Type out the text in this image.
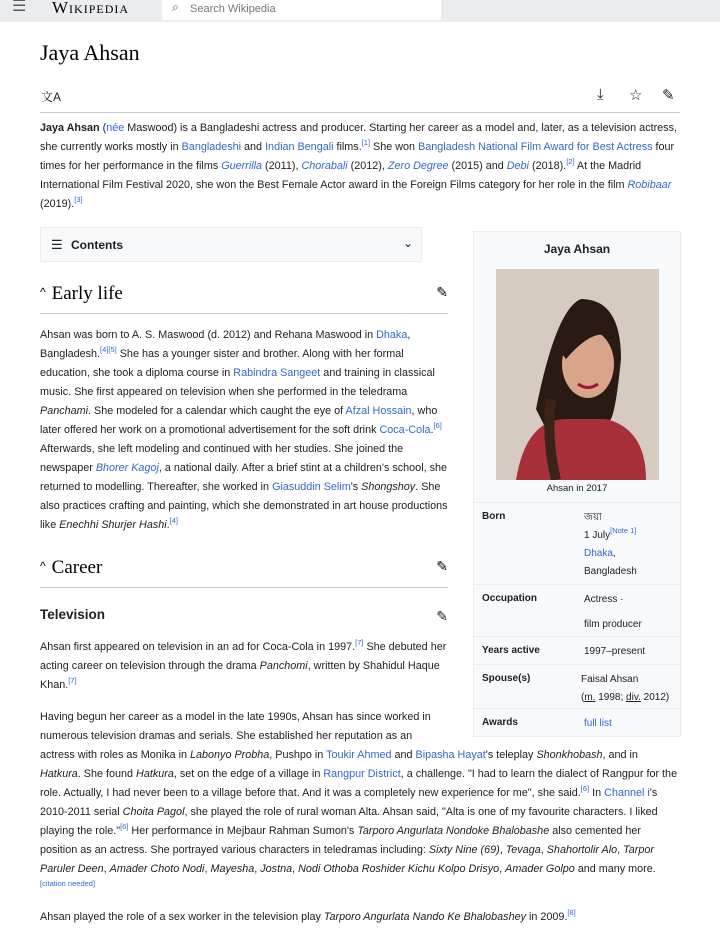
☰ Wikipedia	⌕ Search Wikipedia
Jaya Ahsan
文A	⤓ ☆ ✎
Jaya Ahsan (née Maswood) is a Bangladeshi actress and producer. Starting her career as a model and, later, as a television actress, she currently works mostly in Bangladeshi and Indian Bengali films.[1] She won Bangladesh National Film Award for Best Actress four times for her performance in the films Guerrilla (2011), Chorabali (2012), Zero Degree (2015) and Debi (2018).[2] At the Madrid International Film Festival 2020, she won the Best Female Actor award in the Foreign Films category for her role in the film Robibaar (2019).[3]
☰ Contents	⌄
^ Early life	✎
Ahsan was born to A. S. Maswood (d. 2012) and Rehana Maswood in Dhaka, Bangladesh.[4][5] She has a younger sister and brother. Along with her formal education, she took a diploma course in Rabindra Sangeet and training in classical music. She first appeared on television when she performed in the teledrama Panchami. She modeled for a calendar which caught the eye of Afzal Hossain, who later offered her work on a promotional advertisement for the soft drink Coca-Cola.[6] Afterwards, she left modeling and continued with her studies. She joined the newspaper Bhorer Kagoj, a national daily. After a brief stint at a children's school, she returned to modelling. Thereafter, she worked in Giasuddin Selim's Shongshoy. She also practices crafting and painting, which she demonstrated in art house productions like Enechhi Shurjer Hashi.[4]
^ Career	✎
Television	✎
Ahsan first appeared on television in an ad for Coca-Cola in 1997.[7] She debuted her acting career on television through the drama Panchomi, written by Shahidul Haque Khan.[7]
Having begun her career as a model in the late 1990s, Ahsan has since worked in numerous television dramas and serials. She established her reputation as an actress with roles as Monika in Labonyo Probha, Pushpo in Toukir Ahmed and Bipasha Hayat's teleplay Shonkhobash, and in Hatkura. She found Hatkura, set on the edge of a village in Rangpur District, a challenge. "I had to learn the dialect of Rangpur for the role. Actually, I had never been to a village before that. And it was a completely new experience for me", she said.[6] In Channel i's 2010-2011 serial Choita Pagol, she played the role of rural woman Alta. Ahsan said, "Alta is one of my favourite characters. I liked playing the role."[6] Her performance in Mejbaur Rahman Sumon's Tarporo Angurlata Nondoke Bhalobashe also cemented her position as an actress. She portrayed various characters in teledramas including: Sixty Nine (69), Tevaga, Shahortolir Alo, Tarpor Paruler Deen, Amader Choto Nodi, Mayesha, Jostna, Nodi Othoba Roshider Kichu Kolpo Drisyo, Amader Golpo and many more.[citation needed]
Ahsan played the role of a sex worker in the television play Tarporo Angurlata Nando Ke Bhalobashey in 2009.[8]
Jaya Ahsan
Ahsan in 2017
Born	জয়া
1 July[Note 1]
Dhaka,
Bangladesh
Occupation	Actress ·
film producer
Years active	1997–present
Spouse(s)	Faisal Ahsan
(m. 1998; div. 2012)
Awards	full list
